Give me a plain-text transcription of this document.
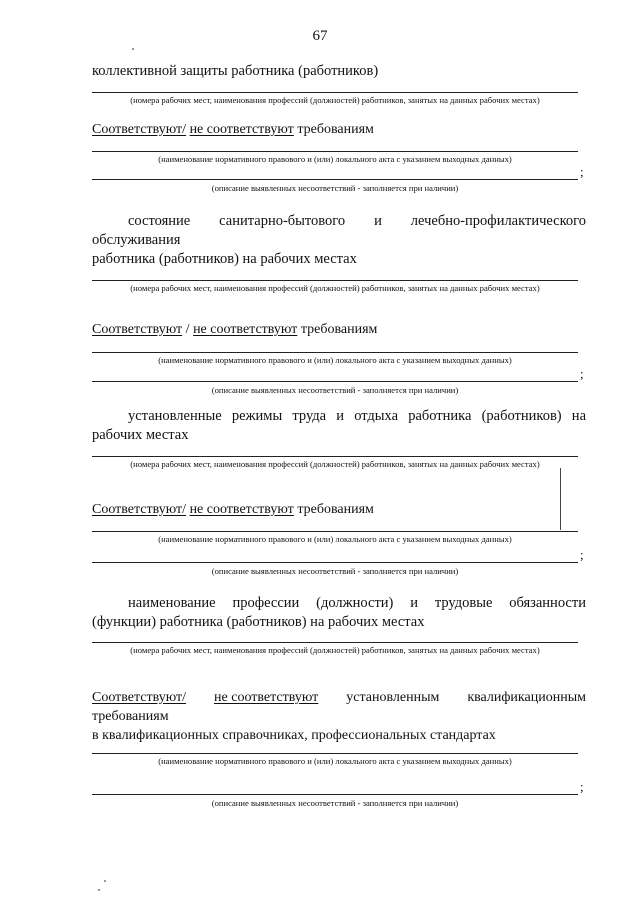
67
коллективной защиты работника (работников)
(номера рабочих мест, наименования профессий (должностей) работников, занятых на данных рабочих местах)
Соответствуют/ не соответствуют требованиям
(наименование нормативного правового и (или) локального акта с указанием выходных данных)
;
(описание выявленных несоответствий - заполняется при наличии)
состояние санитарно-бытового и лечебно-профилактического
обслуживания
работника (работников) на рабочих местах
(номера рабочих мест, наименования профессий (должностей) работников, занятых на данных рабочих местах)
Соответствуют / не соответствуют требованиям
(наименование нормативного правового и (или) локального акта с указанием выходных данных)
;
(описание выявленных несоответствий - заполняется при наличии)
установленные режимы труда и отдыха работника (работников) на
рабочих местах
(номера рабочих мест, наименования профессий (должностей) работников, занятых на данных рабочих местах)
Соответствуют/ не соответствуют требованиям
(наименование нормативного правового и (или) локального акта с указанием выходных данных)
;
(описание выявленных несоответствий - заполняется при наличии)
наименование профессии (должности) и трудовые обязанности
(функции) работника (работников) на рабочих местах
(номера рабочих мест, наименования профессий (должностей) работников, занятых на данных рабочих местах)
Соответствуют/ не соответствуют установленным квалификационным
требованиям
в квалификационных справочниках, профессиональных стандартах
(наименование нормативного правового и (или) локального акта с указанием выходных данных)
;
(описание выявленных несоответствий - заполняется при наличии)
